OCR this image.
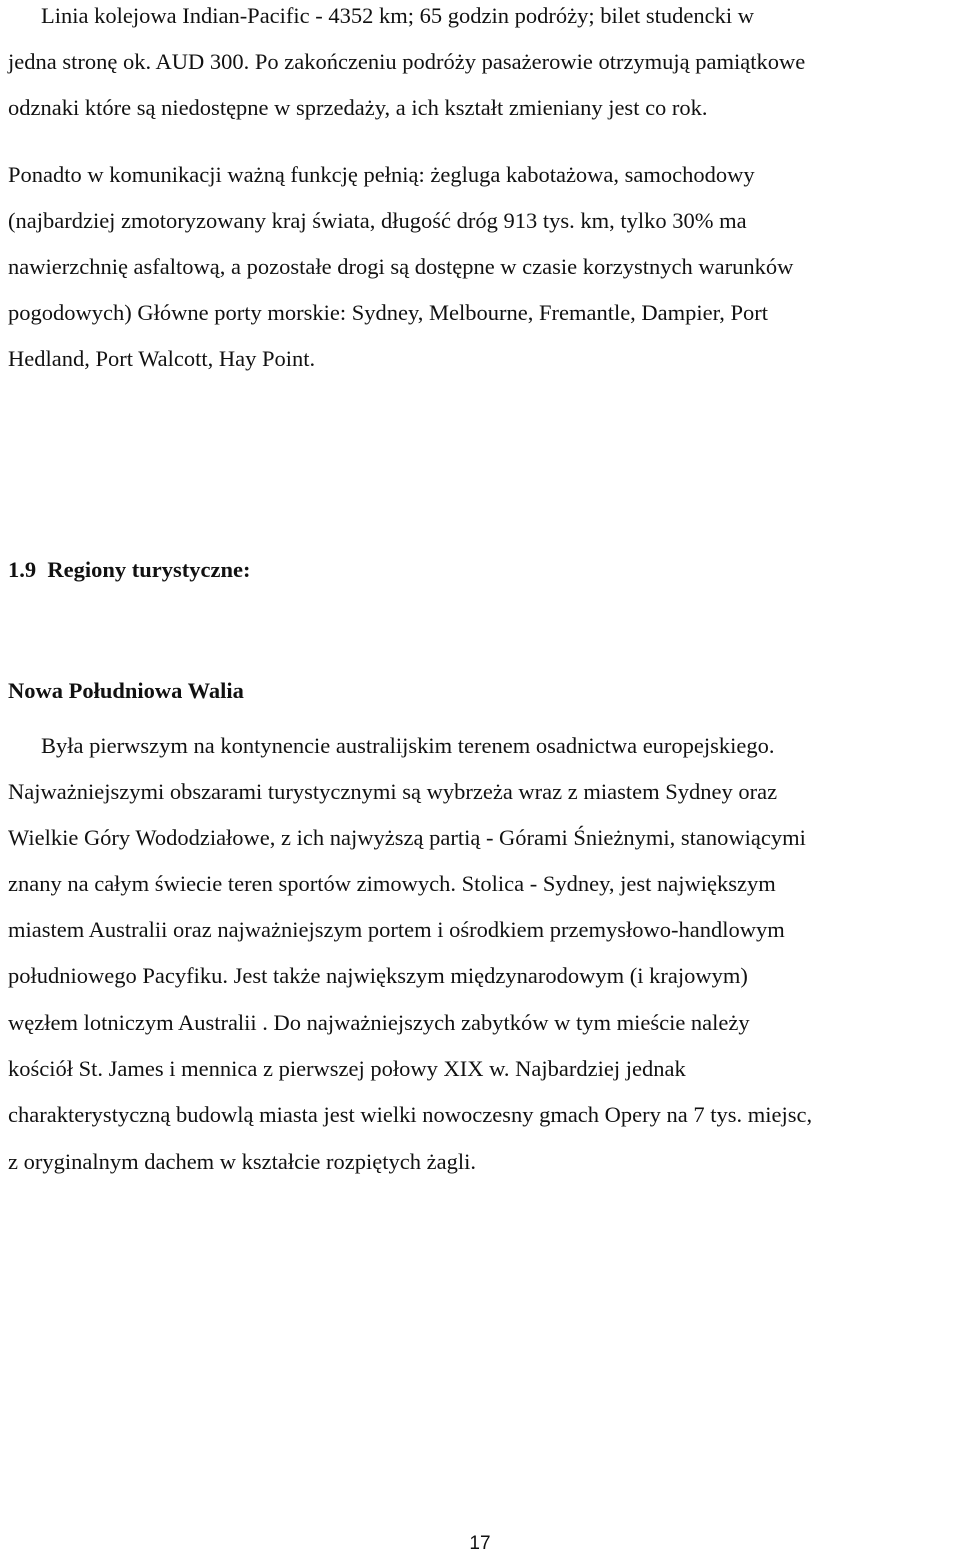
Linia kolejowa Indian-Pacific - 4352 km; 65 godzin podróży; bilet studencki w
jedna stronę ok. AUD 300. Po zakończeniu podróży pasażerowie otrzymują pamiątkowe
odznaki które są niedostępne w sprzedaży, a ich kształt zmieniany jest co rok.
Ponadto w komunikacji ważną funkcję pełnią: żegluga kabotażowa, samochodowy
(najbardziej zmotoryzowany kraj świata, długość dróg 913 tys. km, tylko 30% ma
nawierzchnię asfaltową, a pozostałe drogi są dostępne w czasie korzystnych warunków
pogodowych) Główne porty morskie: Sydney, Melbourne, Fremantle, Dampier, Port
Hedland, Port Walcott, Hay Point.
1.9  Regiony turystyczne:
Nowa Południowa Walia
Była pierwszym na kontynencie australijskim terenem osadnictwa europejskiego.
Najważniejszymi obszarami turystycznymi są wybrzeża wraz z miastem Sydney oraz
Wielkie Góry Wododziałowe, z ich najwyższą partią - Górami Śnieżnymi, stanowiącymi
znany na całym świecie teren sportów zimowych. Stolica - Sydney, jest największym
miastem Australii oraz najważniejszym portem i ośrodkiem przemysłowo-handlowym
południowego Pacyfiku. Jest także największym międzynarodowym (i krajowym)
węzłem lotniczym Australii . Do najważniejszych zabytków w tym mieście należy
kościół St. James i mennica z pierwszej połowy XIX w. Najbardziej jednak
charakterystyczną budowlą miasta jest wielki nowoczesny gmach Opery na 7 tys. miejsc,
z oryginalnym dachem w kształcie rozpiętych żagli.
17
